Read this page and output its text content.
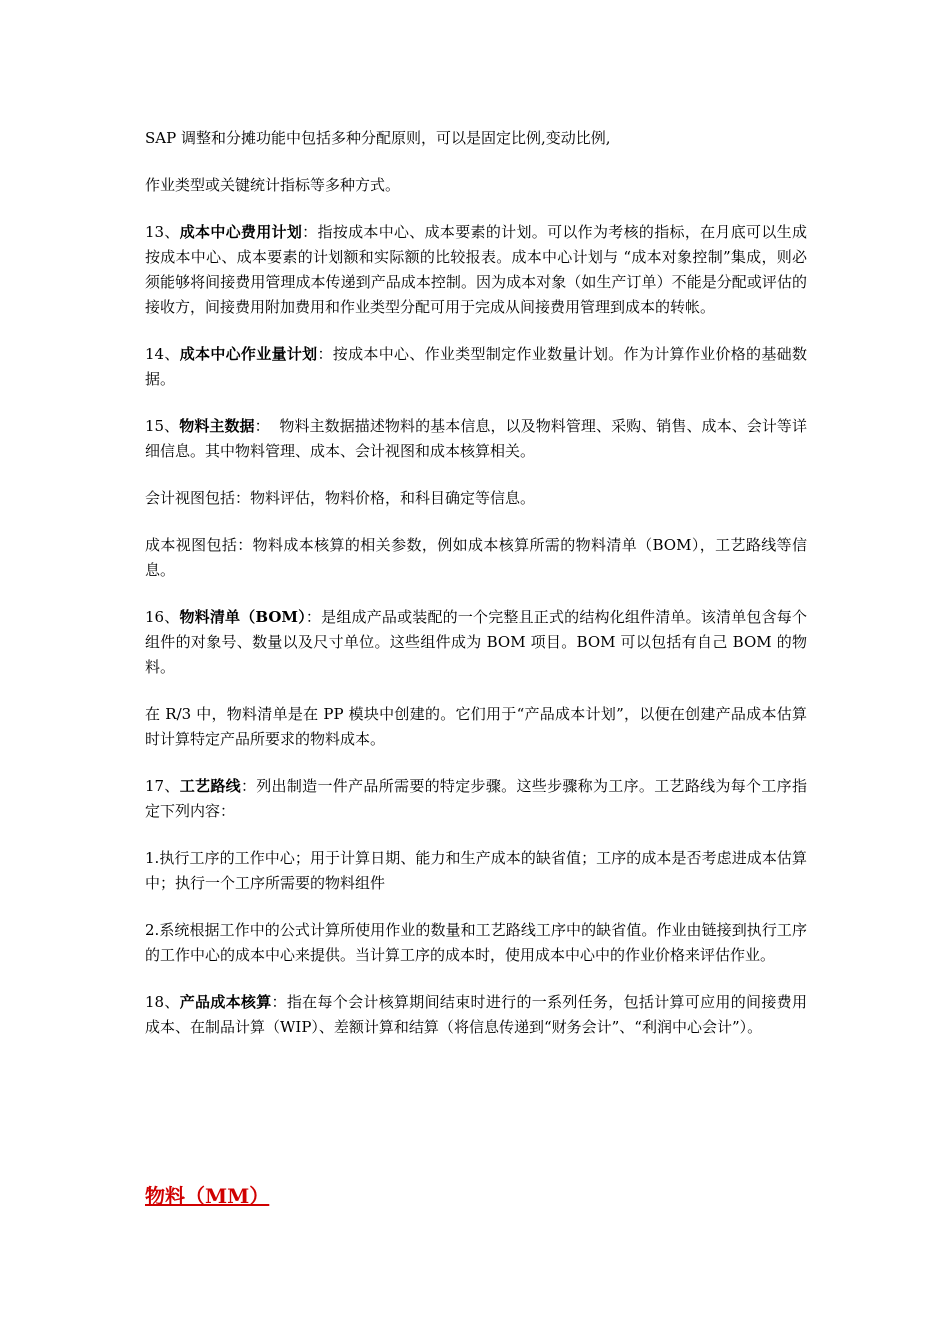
SAP 调整和分摊功能中包括多种分配原则，可以是固定比例,变动比例,

作业类型或关键统计指标等多种方式。

13、成本中心费用计划：指按成本中心、成本要素的计划。可以作为考核的指标，在月底可以生成按成本中心、成本要素的计划额和实际额的比较报表。成本中心计划与 “成本对象控制”集成，则必须能够将间接费用管理成本传递到产品成本控制。因为成本对象（如生产订单）不能是分配或评估的接收方，间接费用附加费用和作业类型分配可用于完成从间接费用管理到成本的转帐。

14、成本中心作业量计划：按成本中心、作业类型制定作业数量计划。作为计算作业价格的基础数据。

15、物料主数据：  物料主数据描述物料的基本信息，以及物料管理、采购、销售、成本、会计等详细信息。其中物料管理、成本、会计视图和成本核算相关。

会计视图包括：物料评估，物料价格，和科目确定等信息。

成本视图包括：物料成本核算的相关参数，例如成本核算所需的物料清单（BOM），工艺路线等信息。

16、物料清单（BOM）：是组成产品或装配的一个完整且正式的结构化组件清单。该清单包含每个组件的对象号、数量以及尺寸单位。这些组件成为 BOM 项目。BOM 可以包括有自己 BOM 的物料。

在 R/3 中，物料清单是在 PP 模块中创建的。它们用于“产品成本计划”，以便在创建产品成本估算时计算特定产品所要求的物料成本。

17、工艺路线：列出制造一件产品所需要的特定步骤。这些步骤称为工序。工艺路线为每个工序指定下列内容：

1.执行工序的工作中心；用于计算日期、能力和生产成本的缺省值；工序的成本是否考虑进成本估算中；执行一个工序所需要的物料组件

2.系统根据工作中的公式计算所使用作业的数量和工艺路线工序中的缺省值。作业由链接到执行工序的工作中心的成本中心来提供。当计算工序的成本时，使用成本中心中的作业价格来评估作业。

18、产品成本核算：指在每个会计核算期间结束时进行的一系列任务，包括计算可应用的间接费用成本、在制品计算（WIP）、差额计算和结算（将信息传递到“财务会计”、“利润中心会计”）。

物料（MM）
